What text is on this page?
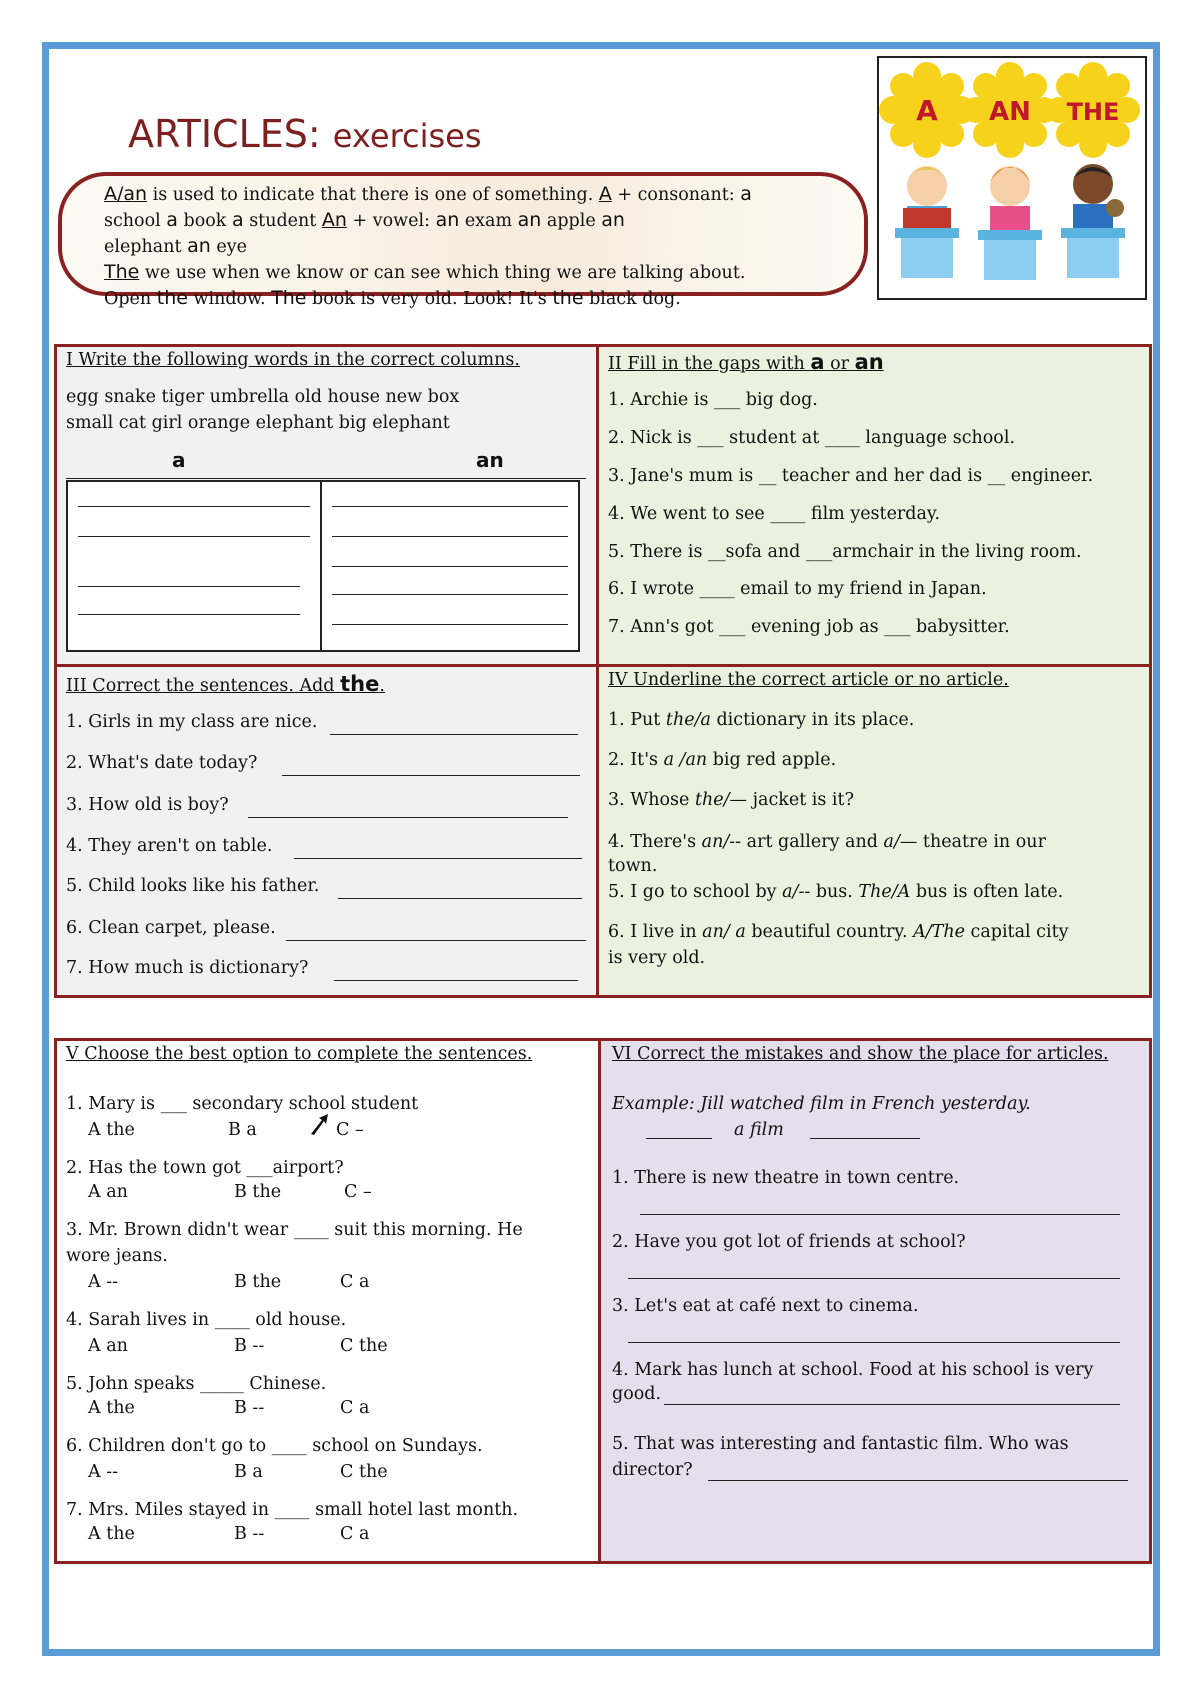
ARTICLES: exercises
A/an is used to indicate that there is one of something. A + consonant: a
school a book a student An + vowel: an exam an apple an
elephant an eye
The we use when we know or can see which thing we are talking about.
Open the window. The book is very old. Look! It's the black dog.
A AN THE
I Write the following words in the correct columns.
egg snake tiger umbrella old house new box
small cat girl orange elephant big elephant
a	an
II Fill in the gaps with a or an
1. Archie is ___ big dog.
2. Nick is ___ student at ____ language school.
3. Jane's mum is __ teacher and her dad is __ engineer.
4. We went to see ____ film yesterday.
5. There is __sofa and ___armchair in the living room.
6. I wrote ____ email to my friend in Japan.
7. Ann's got ___ evening job as ___ babysitter.
III Correct the sentences. Add the.
1. Girls in my class are nice.
2. What's date today?
3. How old is boy?
4. They aren't on table.
5. Child looks like his father.
6. Clean carpet, please.
7. How much is dictionary?
IV Underline the correct article or no article.
1. Put the/a dictionary in its place.
2. It's a /an big red apple.
3. Whose the/— jacket is it?
4. There's an/-- art gallery and a/— theatre in our
town.
5. I go to school by a/-- bus. The/A bus is often late.
6. I live in an/ a beautiful country. A/The capital city
is very old.
V Choose the best option to complete the sentences.
1. Mary is ___ secondary school student
A the	B a	C –
2. Has the town got ___airport?
A an	B the	C –
3. Mr. Brown didn't wear ____ suit this morning. He
wore jeans.
A --	B the	C a
4. Sarah lives in ____ old house.
A an	B --	C the
5. John speaks _____ Chinese.
A the	B --	C a
6. Children don't go to ____ school on Sundays.
A --	B a	C the
7. Mrs. Miles stayed in ____ small hotel last month.
A the	B --	C a
VI Correct the mistakes and show the place for articles.
Example: Jill watched film in French yesterday.
a film
1. There is new theatre in town centre.
2. Have you got lot of friends at school?
3. Let's eat at café next to cinema.
4. Mark has lunch at school. Food at his school is very
good.
5. That was interesting and fantastic film. Who was
director?
